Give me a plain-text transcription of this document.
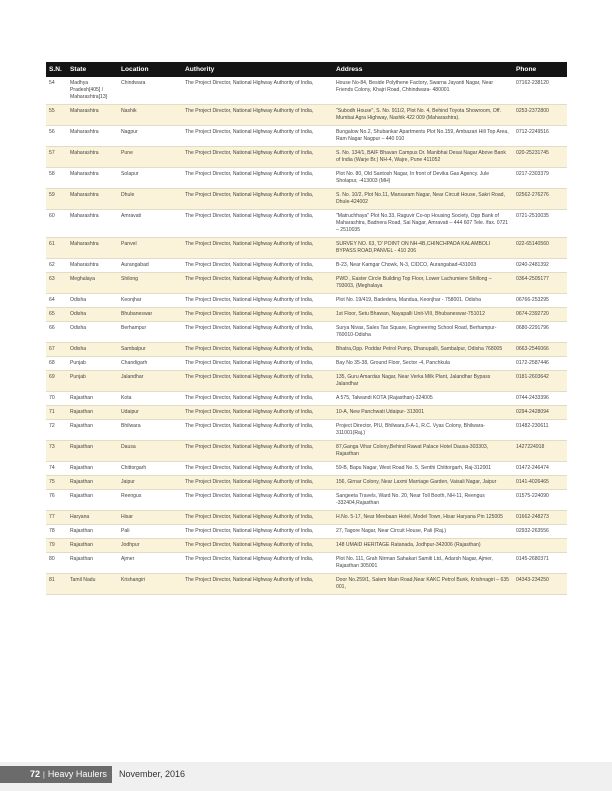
S.N.	State	Location	Authority	Address	Phone
54	Madhya Pradesh[405] / Maharashtra[13]	Chindwara	The Project Director, National Highway Authority of India,	House No-84, Beside Polythene Factory, Swarna Jayanti Nagar, Near Friends Colony, Khajri Road, Chhindwara- 480001	07162-238120
55	Maharashtra	Nashik	The Project Director, National Highway Authority of India,	"Subodh House", S. No. 911/2, Plot No. 4, Behind Toyota Showroom, Off. Mumbai Agra Highway, Nashik 422 009 (Maharashtra).	0253-2372800
56	Maharashtra	Nagpur	The Project Director, National Highway Authority of India,	Bungalow No.2, Shubankar Apartments Plot No.159, Ambazari Hill Top Area, Ram Nagar Nagpur – 440 010	0712-2249516
57	Maharashtra	Pune	The Project Director, National Highway Authority of India,	S. No. 134/1, BAIF Bhavan Campus Dr. Manibhai Desai Nagar Above Bank of India (Warje Br.) NH-4, Wajre, Pune 411052	020-25231745
58	Maharashtra	Solapur	The Project Director, National Highway Authority of India,	Plot No. 80, Old Santosh Nagar, In front of Devika Gas Agency. Jule Sholapur, -413003 (MH)	0217-2303379
59	Maharashtra	Dhule	The Project Director, National Highway Authority of India,	S. No. 10/2, Plot No.11, Mansaram Nagar, Near Circuit House, Sakri Road, Dhule-424002	02562-276276
60	Maharashtra	Amravati	The Project Director, National Highway Authority of India,	"Matruchhaya" Plot No.33, Raguvir Co-op Housing Society, Opp Bank of Maharashtra, Badnera Road, Sai Nagar, Amravati – 444 607 Tele. /fax. 0721 – 2510035	0721-2510035
61	Maharashtra	Panvel	The Project Director, National Highway Authority of India,	SURVEY NO. 63, 'D' POINT ON NH-4B,CHINCHPADA KALAMBOLI BYPASS ROAD,PANVEL - 410 206	022-65140560
62	Maharashtra	Aurangabad	The Project Director, National Highway Authority of India,	B-23, Near Kamgar Chowk, N-3, CIDCO, Aurangabad-431003	0240-2481392
63	Meghalaya	Shilong	The Project Director, National Highway Authority of India,	PWD , Easter Circle Building Top Floor, Lower Lachumiere Shillong – 793003, (Meghalaya	0364-2505177
64	Odisha	Keonjhar	The Project Director, National Highway Authority of India,	Plot No. 19/419, Badedera, Mandua, Keonjhar - 758001. Odisha	06766-253295
65	Odisha	Bhubaneswar	The Project Director, National Highway Authority of India,	1st Floor, Setu Bhawan, Nayapalli Unit-VIII, Bhubaneswar-751012	0674-2392720
66	Odisha	Berhampur	The Project Director, National Highway Authority of India,	Surya Nivas, Sales Tax Square, Engineering School Road, Berhampur-760010-Odisha	0680-2291796
67	Odisha	Sambalpur	The Project Director, National Highway Authority of India,	Bhatra,Opp. Poddar Petrol Pump, Dhanupalli, Sambalpur, Odisha 768005	0663-2546066
68	Punjab	Chandigarh	The Project Director, National Highway Authority of India,	Bay No 35-38, Ground Floor, Sector -4, Panchkula	0172-2587446
69	Punjab	Jalandhar	The Project Director, National Highway Authority of India,	135, Guru Amardas Nagar, Near Verka Milk Plant, Jalandhar Bypass Jalandhar	0181-2603642
70	Rajasthan	Kota	The Project Director, National Highway Authority of India,	A 575, Talwandi KOTA (Rajasthan)-324005	0744-2433396
71	Rajasthan	Udaipur	The Project Director, National Highway Authority of India,	10-A, New Panchwati Udaipur- 313001	0294-2428094
72	Rajasthan	Bhilwara	The Project Director, National Highway Authority of India,	Project Director, PIU, Bhilwara,6-A-1, R.C. Vyas Colony, Bhilwara-311001(Raj.)	01482-230611
73	Rajasthan	Dausa	The Project Director, National Highway Authority of India,	87,Ganga Vihar Colony,Behind Rawat Palace Hotel Dausa-303303, Rajasthan	1427224918
74	Rajasthan	Chittorgarh	The Project Director, National Highway Authority of India,	59-B, Bapu Nagar, West Road No. 5, Senthi Chittorgarh, Raj-312001	01472-246474
75	Rajasthan	Jaipur	The Project Director, National Highway Authority of India,	156, Girnar Colony, Near Laxmi Marriage Garden, Vaisali Nagar, Jaipur	0141-4026465
76	Rajasthan	Reengus	The Project Director, National Highway Authority of India,	Sangeeta Travels, Ward No. 20, Near Toll Booth, NH-11, Reengus -332404,Rajasthan	01575-224090
77	Haryana	Hisar	The Project Director, National Highway Authority of India,	H.No. 5-17, Near Meebaan Hotel, Model Town, Hisar Haryana Pin 125005	01662-248273
78	Rajasthan	Pali	The Project Director, National Highway Authority of India,	27, Tagore Nagar, Near Circuit House, Pali (Raj.)	02932-263556
79	Rajasthan	Jodhpur	The Project Director, National Highway Authority of India,	148 UMAID HERITAGE Ratanada, Jodhpur-342006 (Rajasthan)	
80	Rajasthan	Ajmer	The Project Director, National Highway Authority of India,	Plot No. 111, Grah Nirman Sahakari Samiti Ltd., Adarsh Nagar, Ajmer, Rajasthan 305001	0145-2680371
81	Tamil Nadu	Krishangiri	The Project Director, National Highway Authority of India,	Door No.259/1, Salem Main Road,Near KAKC Petrol Bunk, Krishnagiri – 635 001,	04343-234250
72 | Heavy Haulers	November, 2016
